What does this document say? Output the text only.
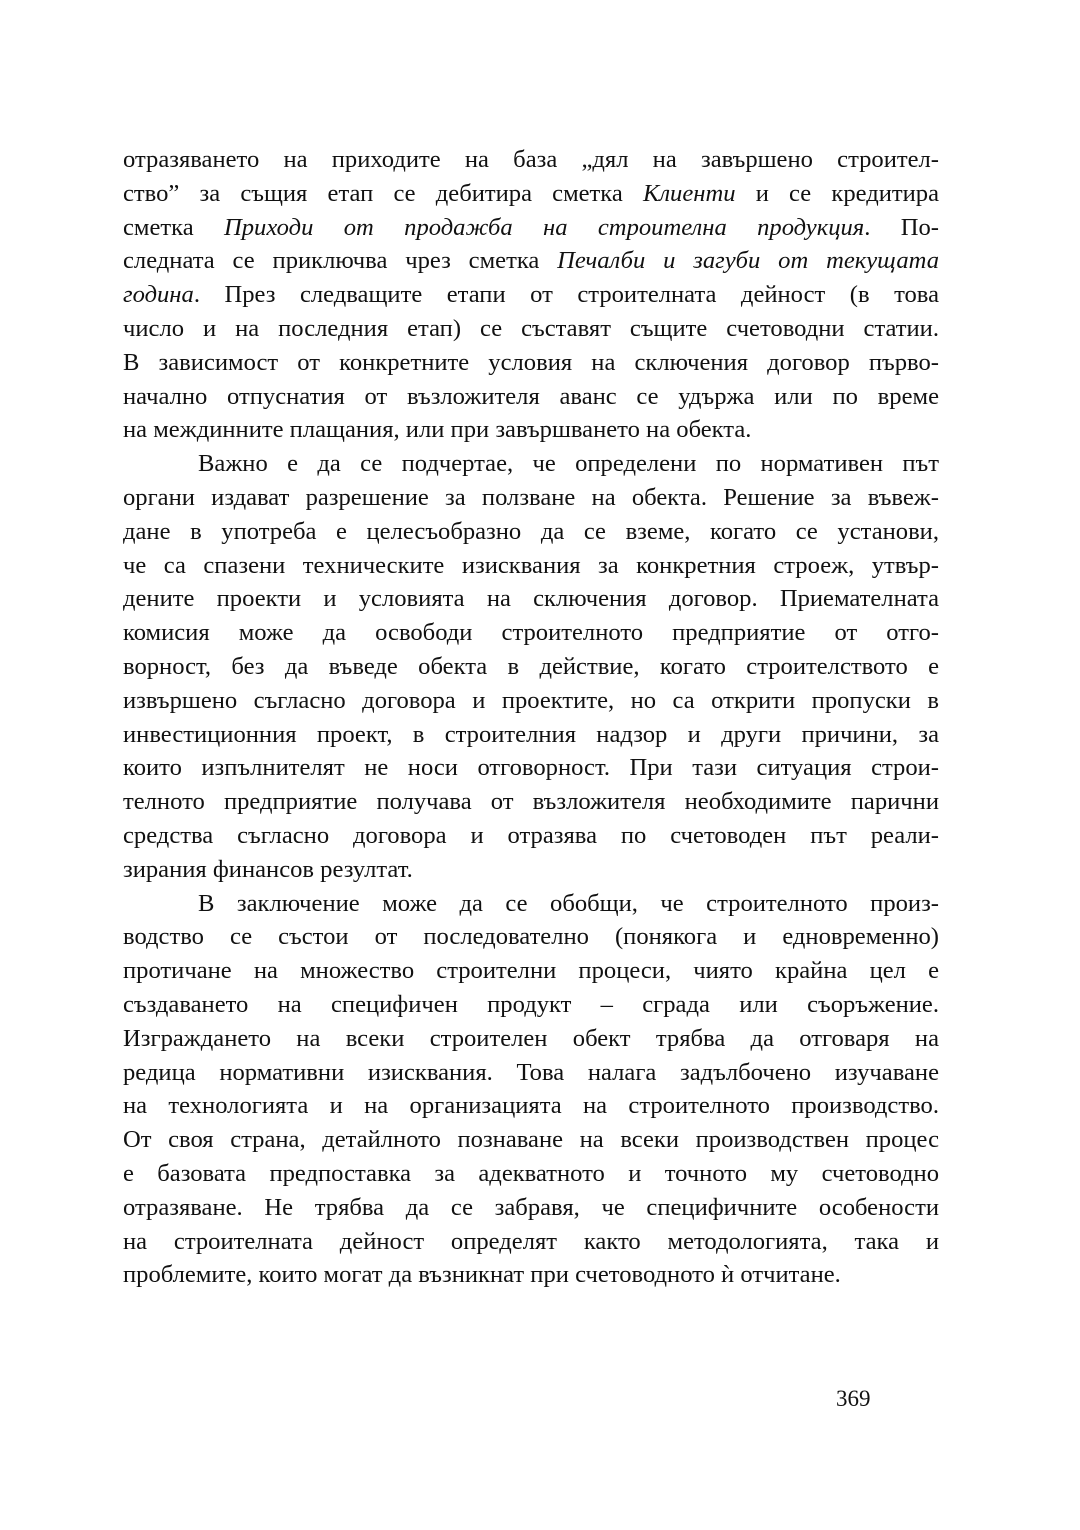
отразяването на приходите на база „дял на завършено строител-
ство” за същия етап се дебитира сметка Клиенти и се кредитира
сметка Приходи от продажба на строителна продукция. По-
следната се приключва чрез сметка Печалби и загуби от текущата
година. През следващите етапи от строителната дейност (в това
число и на последния етап) се съставят същите счетоводни статии.
В зависимост от конкретните условия на сключения договор първо-
начално отпуснатия от възложителя аванс се удържа или по време
на междинните плащания, или при завършването на обекта.
Важно е да се подчертае, че определени по нормативен път
органи издават разрешение за ползване на обекта. Решение за въвеж-
дане в употреба е целесъобразно да се вземе, когато се установи,
че са спазени техническите изисквания за конкретния строеж, утвър-
дените проекти и условията на сключения договор. Приемателната
комисия може да освободи строителното предприятие от отго-
ворност, без да въведе обекта в действие, когато строителството е
извършено съгласно договора и проектите, но са открити пропуски в
инвестиционния проект, в строителния надзор и други причини, за
които изпълнителят не носи отговорност. При тази ситуация строи-
телното предприятие получава от възложителя необходимите парични
средства съгласно договора и отразява по счетоводен път реали-
зирания финансов резултат.
В заключение може да се обобщи, че строителното произ-
водство се състои от последователно (понякога и едновременно)
протичане на множество строителни процеси, чиято крайна цел е
създаването на специфичен продукт – сграда или съоръжение.
Изграждането на всеки строителен обект трябва да отговаря на
редица нормативни изисквания. Това налага задълбочено изучаване
на технологията и на организацията на строителното производство.
От своя страна, детайлното познаване на всеки производствен процес
е базовата предпоставка за адекватното и точното му счетоводно
отразяване. Не трябва да се забравя, че специфичните особености
на строителната дейност определят както методологията, така и
проблемите, които могат да възникнат при счетоводното ѝ отчитане.
369
